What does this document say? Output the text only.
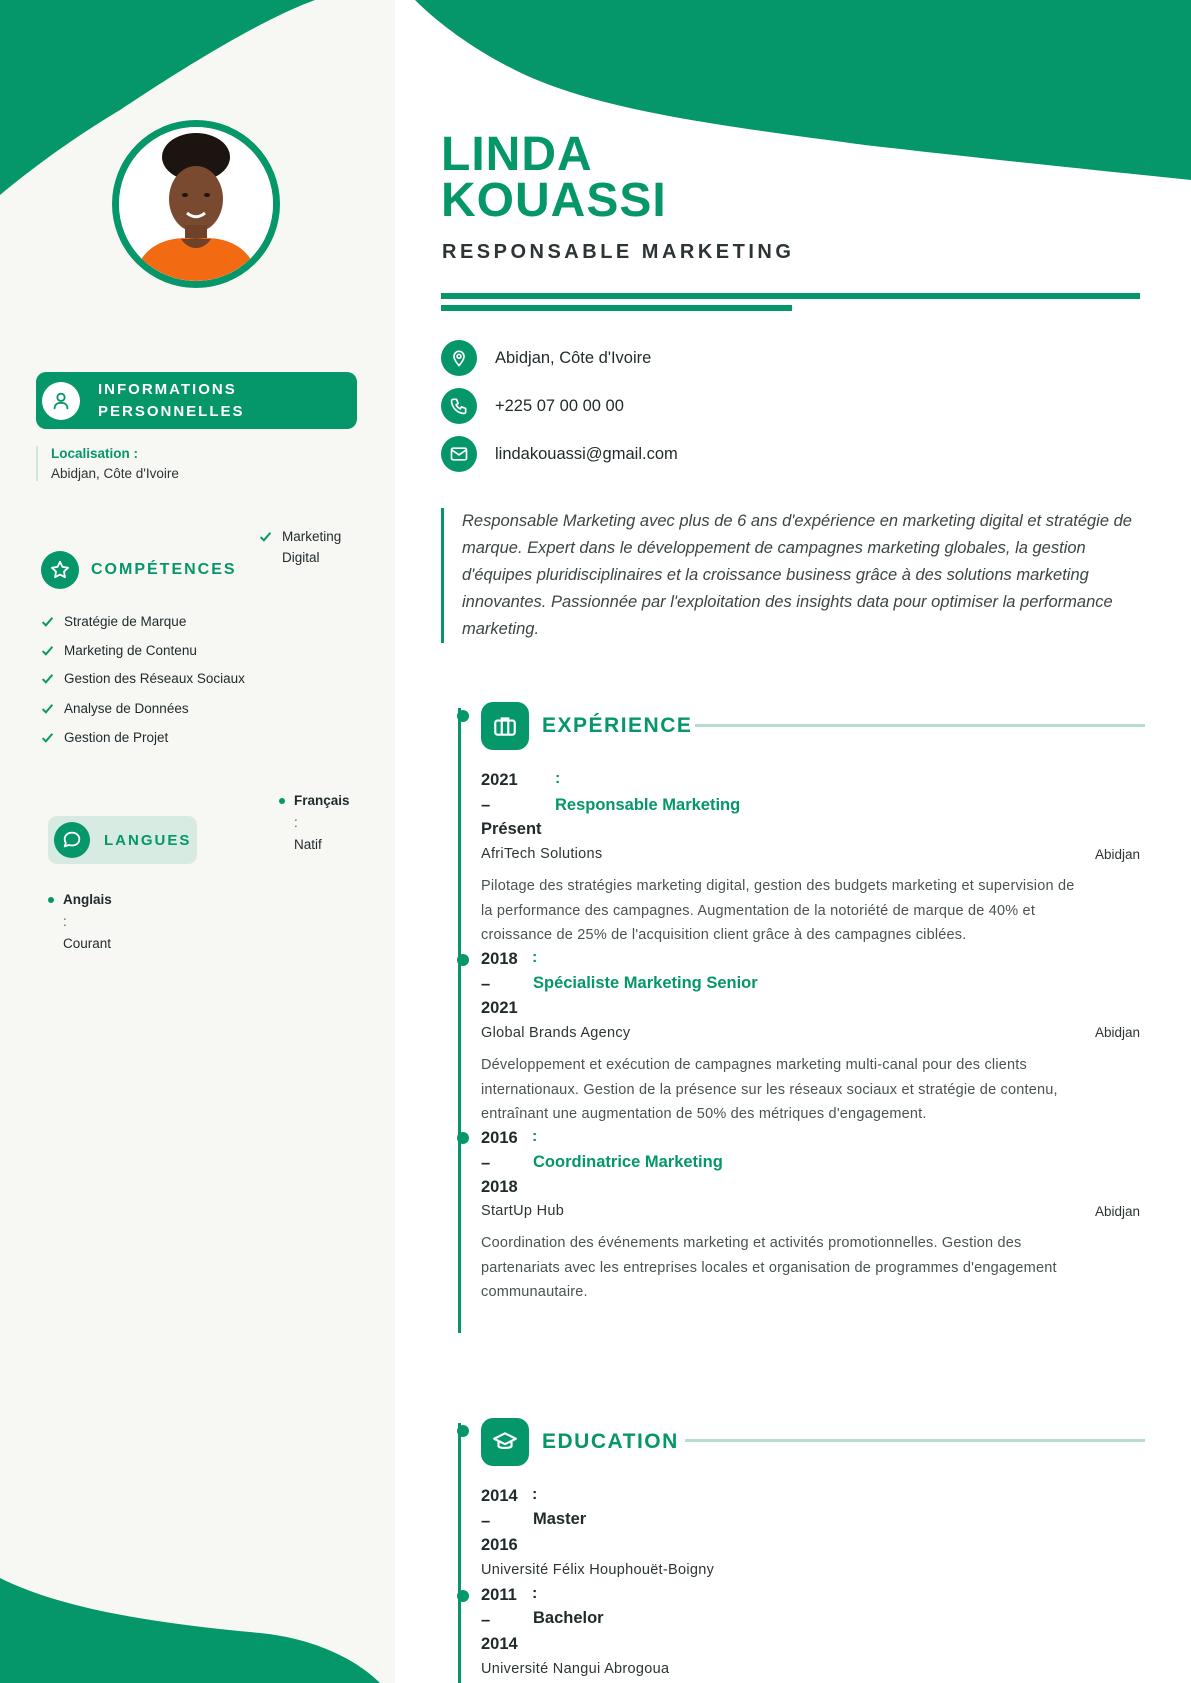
INFORMATIONS
PERSONNELLES
Localisation :
Abidjan, Côte d'Ivoire
COMPÉTENCES
Marketing
Digital
Stratégie de Marque
Marketing de Contenu
Gestion des Réseaux Sociaux
Analyse de Données
Gestion de Projet
LANGUES
Français
:
Natif
Anglais
:
Courant
LINDA
KOUASSI
RESPONSABLE MARKETING
Abidjan, Côte d'Ivoire
+225 07 00 00 00
lindakouassi@gmail.com
Responsable Marketing avec plus de 6 ans d'expérience en marketing digital et stratégie de marque. Expert dans le développement de campagnes marketing globales, la gestion d'équipes pluridisciplinaires et la croissance business grâce à des solutions marketing innovantes. Passionnée par l'exploitation des insights data pour optimiser la performance marketing.
EXPÉRIENCE
2021
–
Présent
:
Responsable Marketing
AfriTech Solutions	Abidjan
Pilotage des stratégies marketing digital, gestion des budgets marketing et supervision de
la performance des campagnes. Augmentation de la notoriété de marque de 40% et
croissance de 25% de l'acquisition client grâce à des campagnes ciblées.
2018
–
2021
:
Spécialiste Marketing Senior
Global Brands Agency	Abidjan
Développement et exécution de campagnes marketing multi-canal pour des clients
internationaux. Gestion de la présence sur les réseaux sociaux et stratégie de contenu,
entraînant une augmentation de 50% des métriques d'engagement.
2016
–
2018
:
Coordinatrice Marketing
StartUp Hub	Abidjan
Coordination des événements marketing et activités promotionnelles. Gestion des
partenariats avec les entreprises locales et organisation de programmes d'engagement
communautaire.
EDUCATION
2014
–
2016
:
Master
Université Félix Houphouët-Boigny
2011
–
2014
:
Bachelor
Université Nangui Abrogoua
